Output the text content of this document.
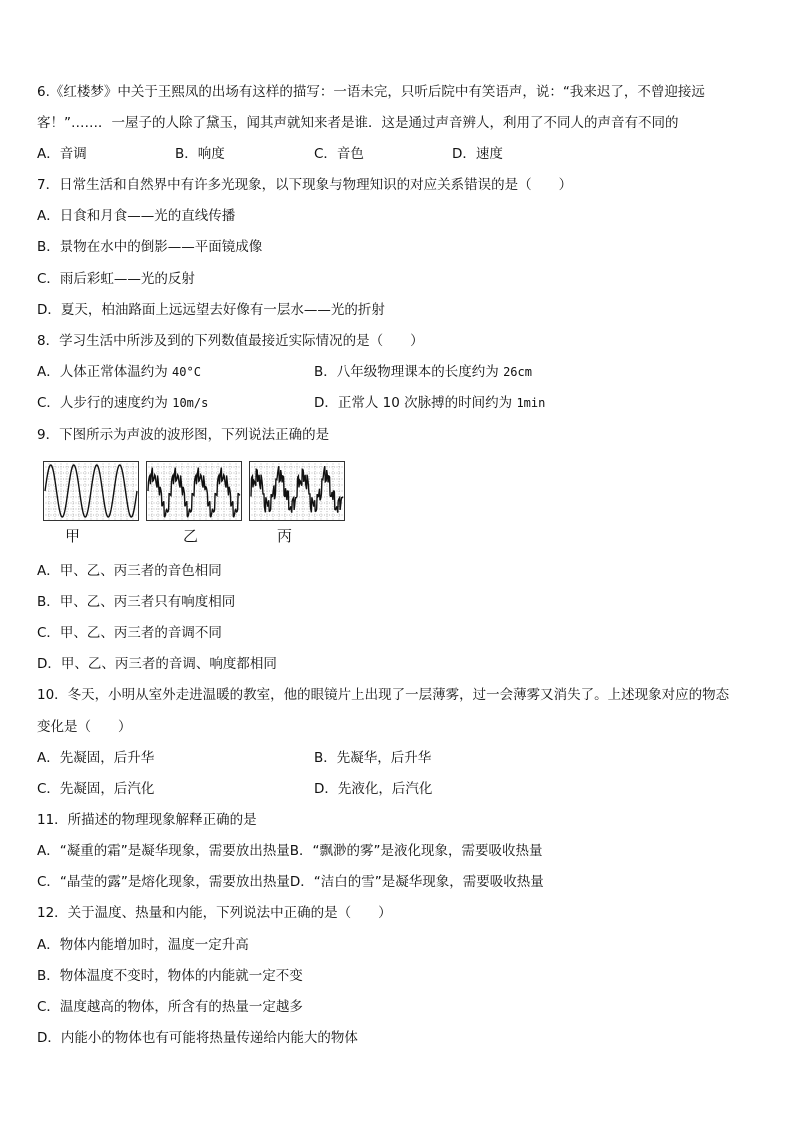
6.《红楼梦》中关于王熙凤的出场有这样的描写：一语未完，只听后院中有笑语声，说：“我来迟了，不曾迎接远
客！”……．一屋子的人除了黛玉，闻其声就知来者是谁．这是通过声音辨人，利用了不同人的声音有不同的
A．音调	B．响度	C．音色	D．速度
7．日常生活和自然界中有许多光现象，以下现象与物理知识的对应关系错误的是（　　）
A．日食和月食——光的直线传播
B．景物在水中的倒影——平面镜成像
C．雨后彩虹——光的反射
D．夏天，柏油路面上远远望去好像有一层水——光的折射
8．学习生活中所涉及到的下列数值最接近实际情况的是（　　）
A．人体正常体温约为 40°C	B．八年级物理课本的长度约为 26cm
C．人步行的速度约为 10m/s	D．正常人 10 次脉搏的时间约为 1min
9．下图所示为声波的波形图，下列说法正确的是
甲	乙	丙
A．甲、乙、丙三者的音色相同
B．甲、乙、丙三者只有响度相同
C．甲、乙、丙三者的音调不同
D．甲、乙、丙三者的音调、响度都相同
10．冬天，小明从室外走进温暖的教室，他的眼镜片上出现了一层薄雾，过一会薄雾又消失了。上述现象对应的物态
变化是（　　）
A．先凝固，后升华	B．先凝华，后升华
C．先凝固，后汽化	D．先液化，后汽化
11．所描述的物理现象解释正确的是
A．“凝重的霜”是凝华现象，需要放出热量B．“飘渺的雾”是液化现象，需要吸收热量
C．“晶莹的露”是熔化现象，需要放出热量D．“洁白的雪”是凝华现象，需要吸收热量
12．关于温度、热量和内能，下列说法中正确的是（　　）
A．物体内能增加时，温度一定升高
B．物体温度不变时，物体的内能就一定不变
C．温度越高的物体，所含有的热量一定越多
D．内能小的物体也有可能将热量传递给内能大的物体
